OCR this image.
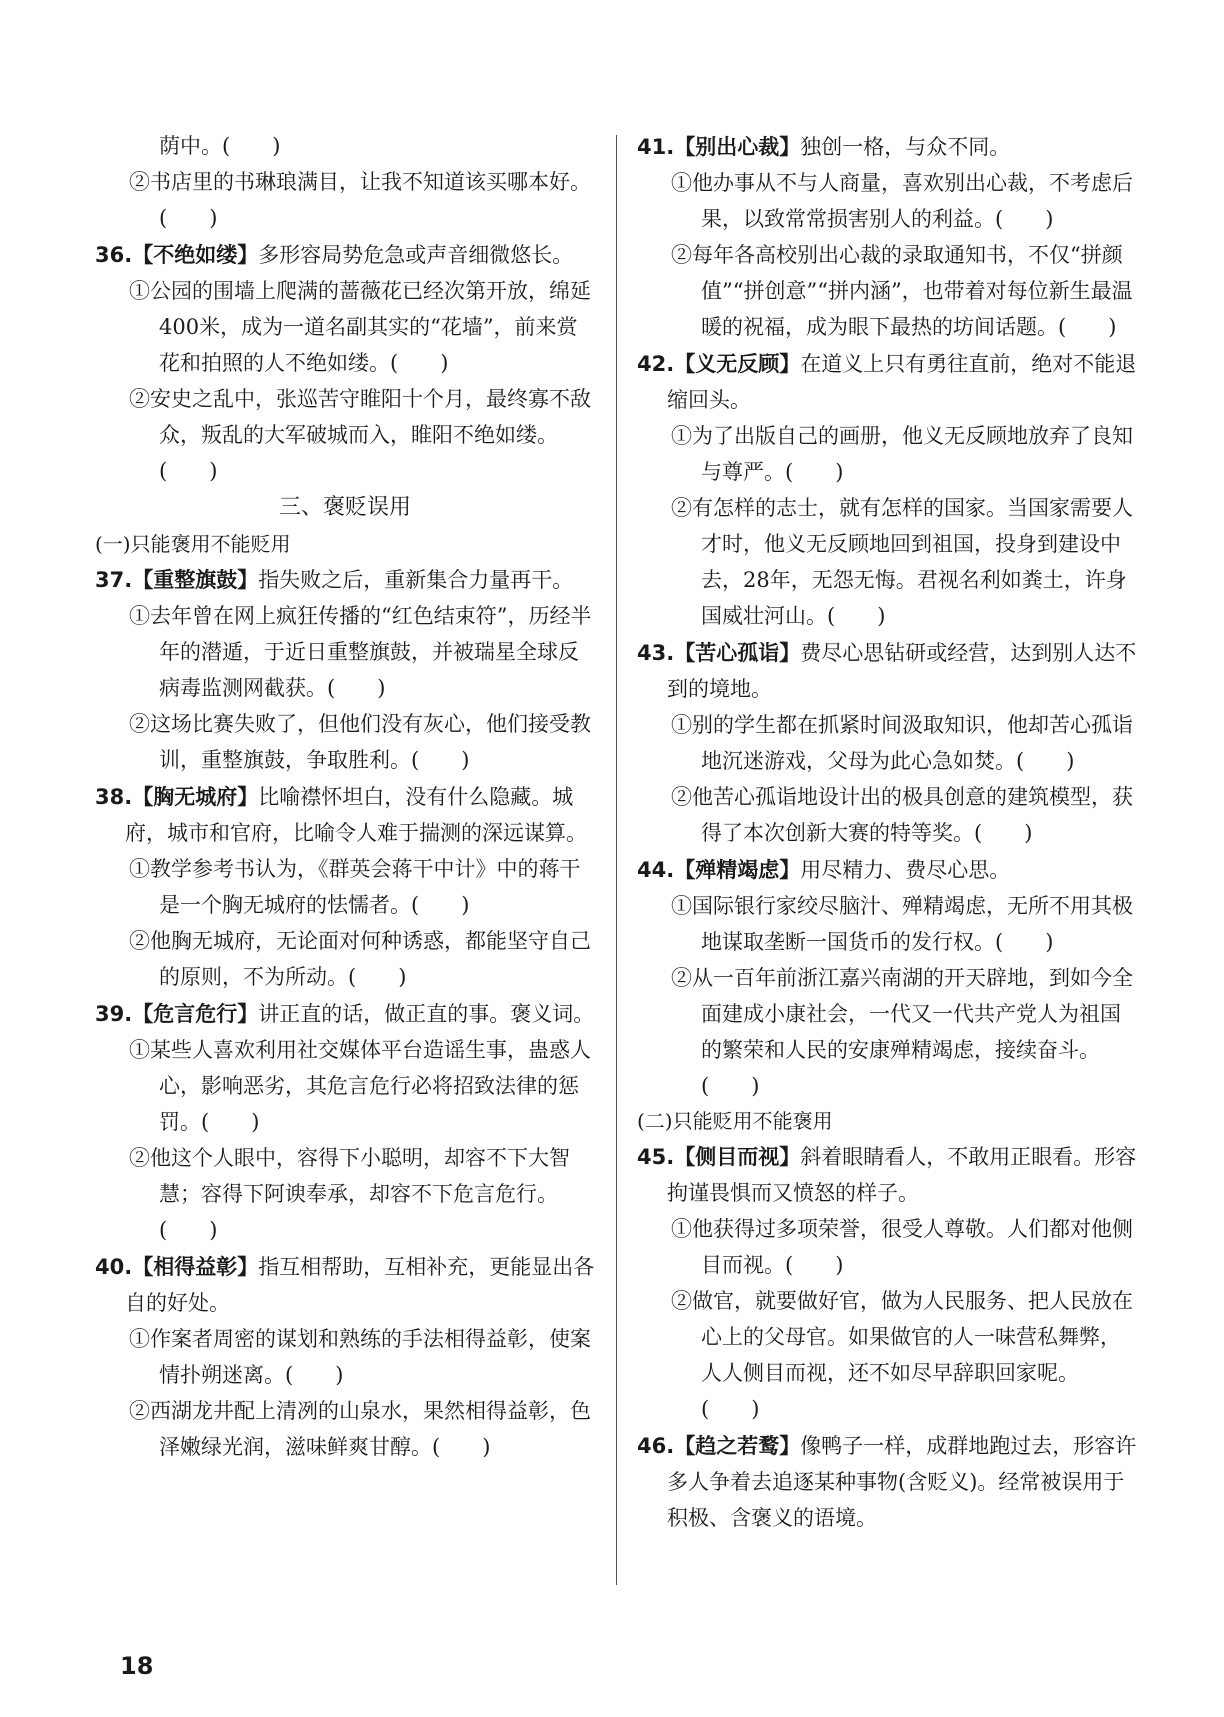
荫中。(　　)
②书店里的书琳琅满目，让我不知道该买哪本好。(　　)
36.【不绝如缕】多形容局势危急或声音细微悠长。
①公园的围墙上爬满的蔷薇花已经次第开放，绵延400米，成为一道名副其实的“花墙”，前来赏花和拍照的人不绝如缕。(　　)
②安史之乱中，张巡苦守睢阳十个月，最终寡不敌众，叛乱的大军破城而入，睢阳不绝如缕。(　　)
三、褒贬误用
(一)只能褒用不能贬用
37.【重整旗鼓】指失败之后，重新集合力量再干。
①去年曾在网上疯狂传播的“红色结束符”，历经半年的潜遁，于近日重整旗鼓，并被瑞星全球反病毒监测网截获。(　　)
②这场比赛失败了，但他们没有灰心，他们接受教训，重整旗鼓，争取胜利。(　　)
38.【胸无城府】比喻襟怀坦白，没有什么隐藏。城府，城市和官府，比喻令人难于揣测的深远谋算。
①教学参考书认为，《群英会蒋干中计》中的蒋干是一个胸无城府的怯懦者。(　　)
②他胸无城府，无论面对何种诱惑，都能坚守自己的原则，不为所动。(　　)
39.【危言危行】讲正直的话，做正直的事。褒义词。
①某些人喜欢利用社交媒体平台造谣生事，蛊惑人心，影响恶劣，其危言危行必将招致法律的惩罚。(　　)
②他这个人眼中，容得下小聪明，却容不下大智慧；容得下阿谀奉承，却容不下危言危行。(　　)
40.【相得益彰】指互相帮助，互相补充，更能显出各自的好处。
①作案者周密的谋划和熟练的手法相得益彰，使案情扑朔迷离。(　　)
②西湖龙井配上清冽的山泉水，果然相得益彰，色泽嫩绿光润，滋味鲜爽甘醇。(　　)
41.【别出心裁】独创一格，与众不同。
①他办事从不与人商量，喜欢别出心裁，不考虑后果，以致常常损害别人的利益。(　　)
②每年各高校别出心裁的录取通知书，不仅“拼颜值”“拼创意”“拼内涵”，也带着对每位新生最温暖的祝福，成为眼下最热的坊间话题。(　　)
42.【义无反顾】在道义上只有勇往直前，绝对不能退缩回头。
①为了出版自己的画册，他义无反顾地放弃了良知与尊严。(　　)
②有怎样的志士，就有怎样的国家。当国家需要人才时，他义无反顾地回到祖国，投身到建设中去，28年，无怨无悔。君视名利如粪土，许身国威壮河山。(　　)
43.【苦心孤诣】费尽心思钻研或经营，达到别人达不到的境地。
①别的学生都在抓紧时间汲取知识，他却苦心孤诣地沉迷游戏，父母为此心急如焚。(　　)
②他苦心孤诣地设计出的极具创意的建筑模型，获得了本次创新大赛的特等奖。(　　)
44.【殚精竭虑】用尽精力、费尽心思。
①国际银行家绞尽脑汁、殚精竭虑，无所不用其极地谋取垄断一国货币的发行权。(　　)
②从一百年前浙江嘉兴南湖的开天辟地，到如今全面建成小康社会，一代又一代共产党人为祖国的繁荣和人民的安康殚精竭虑，接续奋斗。(　　)
(二)只能贬用不能褒用
45.【侧目而视】斜着眼睛看人，不敢用正眼看。形容拘谨畏惧而又愤怒的样子。
①他获得过多项荣誉，很受人尊敬。人们都对他侧目而视。(　　)
②做官，就要做好官，做为人民服务、把人民放在心上的父母官。如果做官的人一味营私舞弊，人人侧目而视，还不如尽早辞职回家呢。(　　)
46.【趋之若鹜】像鸭子一样，成群地跑过去，形容许多人争着去追逐某种事物(含贬义)。经常被误用于积极、含褒义的语境。
18
